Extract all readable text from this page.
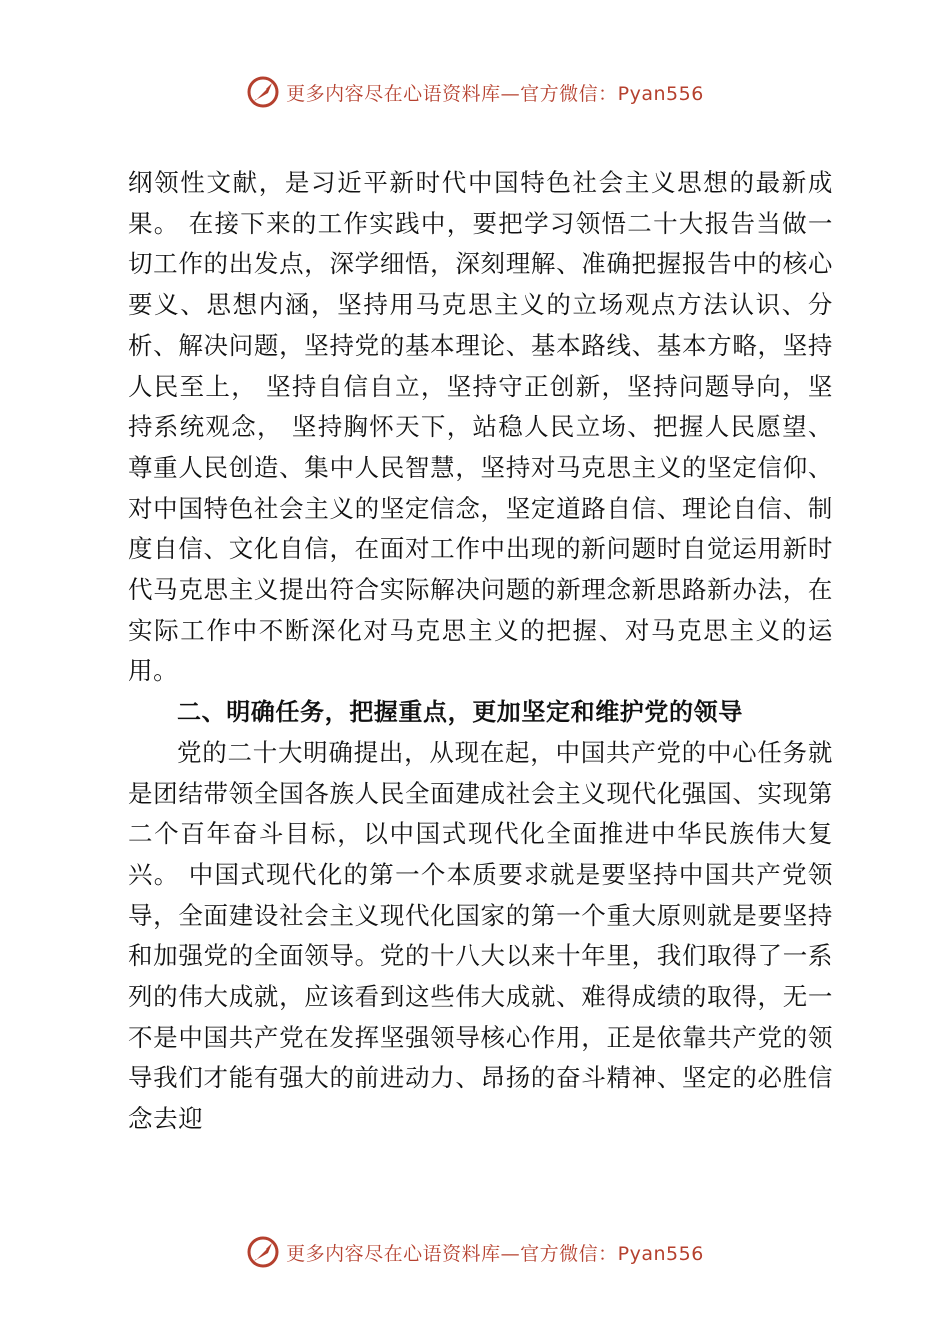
更多内容尽在心语资料库—官方微信：Pyan556

纲领性文献，是习近平新时代中国特色社会主义思想的最新成果。 在接下来的工作实践中，要把学习领悟二十大报告当做一切工作的出发点，深学细悟，深刻理解、准确把握报告中的核心要义、思想内涵，坚持用马克思主义的立场观点方法认识、分析、解决问题，坚持党的基本理论、基本路线、基本方略，坚持人民至上， 坚持自信自立，坚持守正创新，坚持问题导向，坚持系统观念， 坚持胸怀天下，站稳人民立场、把握人民愿望、尊重人民创造、集中人民智慧，坚持对马克思主义的坚定信仰、对中国特色社会主义的坚定信念，坚定道路自信、理论自信、制度自信、文化自信，在面对工作中出现的新问题时自觉运用新时代马克思主义提出符合实际解决问题的新理念新思路新办法，在实际工作中不断深化对马克思主义的把握、对马克思主义的运用。

二、明确任务，把握重点，更加坚定和维护党的领导

党的二十大明确提出，从现在起，中国共产党的中心任务就是团结带领全国各族人民全面建成社会主义现代化强国、实现第二个百年奋斗目标，以中国式现代化全面推进中华民族伟大复兴。 中国式现代化的第一个本质要求就是要坚持中国共产党领导，全面建设社会主义现代化国家的第一个重大原则就是要坚持和加强党的全面领导。党的十八大以来十年里，我们取得了一系列的伟大成就，应该看到这些伟大成就、难得成绩的取得，无一不是中国共产党在发挥坚强领导核心作用，正是依靠共产党的领导我们才能有强大的前进动力、昂扬的奋斗精神、坚定的必胜信念去迎

更多内容尽在心语资料库—官方微信：Pyan556
